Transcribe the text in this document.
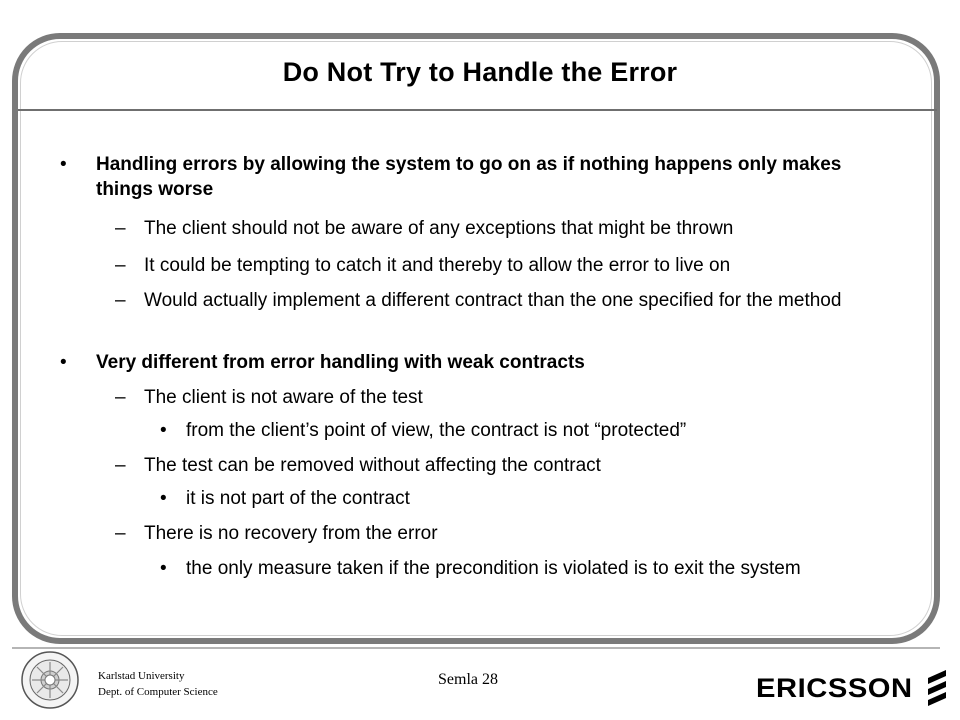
Do Not Try to Handle the Error
• Handling errors by allowing the system to go on as if nothing happens only makes things worse
– The client should not be aware of any exceptions that might be thrown
– It could be tempting to catch it and thereby to allow the error to live on
– Would actually implement a different contract than the one specified for the method
• Very different from error handling with weak contracts
– The client is not aware of the test
• from the client’s point of view, the contract is not “protected”
– The test can be removed without affecting the contract
• it is not part of the contract
– There is no recovery from the error
• the only measure taken if the precondition is violated is to exit the system
Karlstad University
Dept. of Computer Science
Semla 28	ERICSSON
